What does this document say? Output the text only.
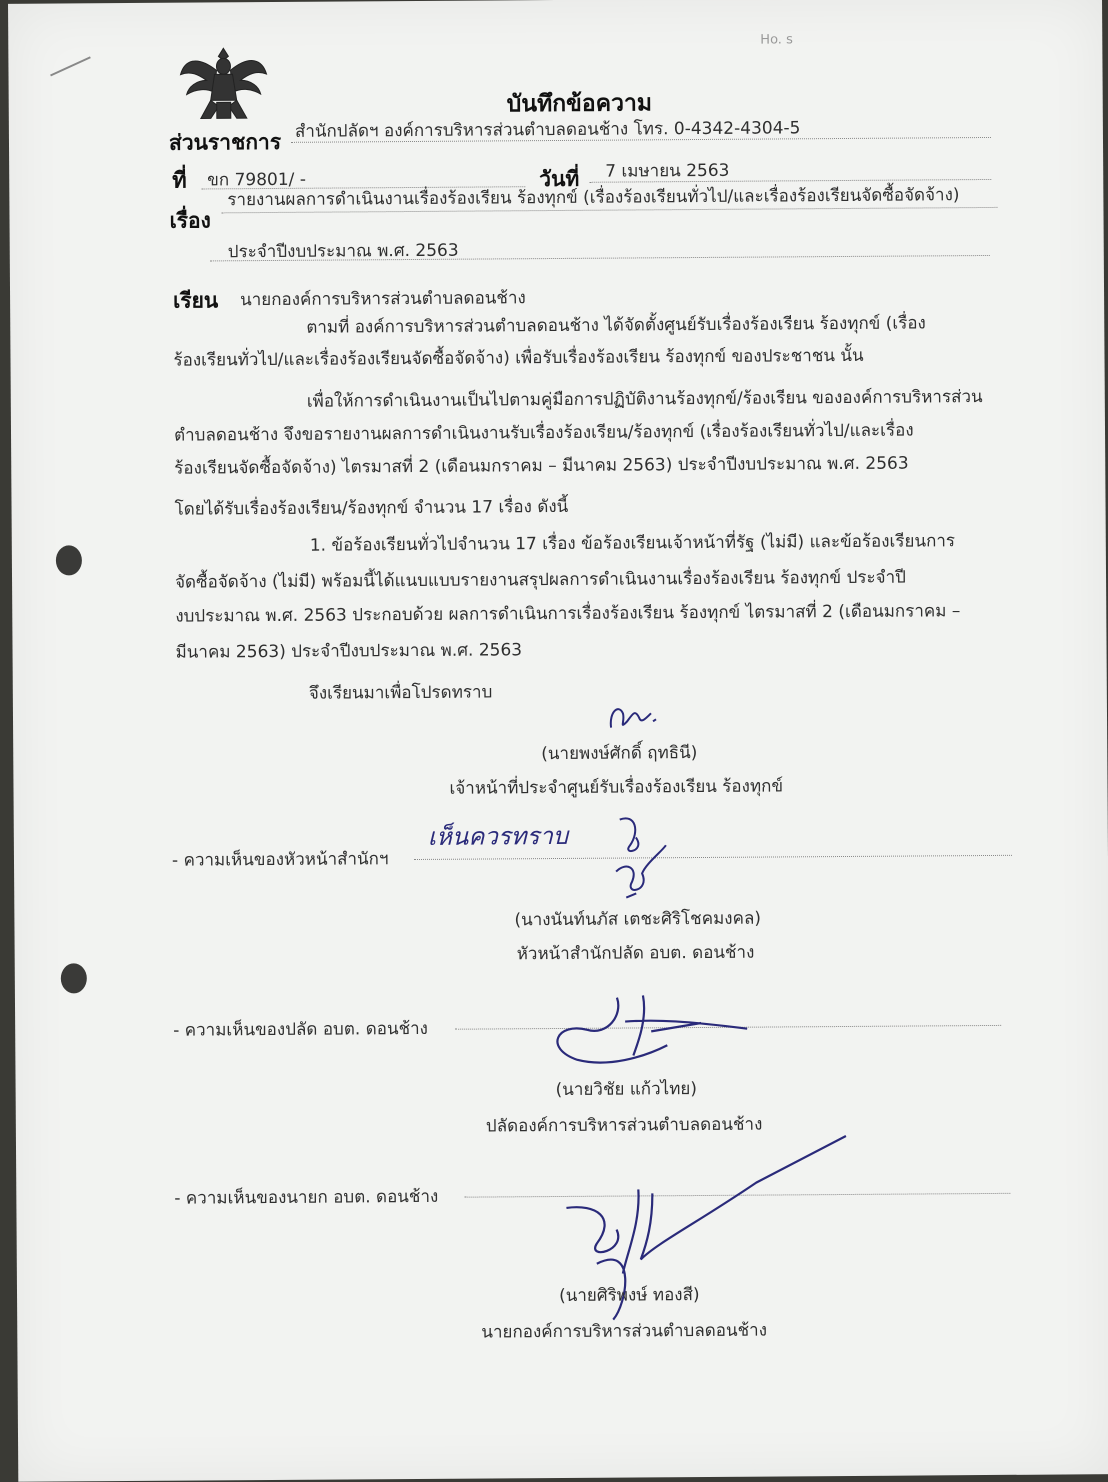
Ho. s
บันทึกข้อความ
ส่วนราชการ สำนักปลัดฯ องค์การบริหารส่วนตำบลดอนช้าง โทร. 0-4342-4304-5
ที่ ขก 79801/ -	วันที่ 7 เมษายน 2563
เรื่อง
รายงานผลการดำเนินงานเรื่องร้องเรียน ร้องทุกข์ (เรื่องร้องเรียนทั่วไป/และเรื่องร้องเรียนจัดซื้อจัดจ้าง)
ประจำปีงบประมาณ พ.ศ. 2563
เรียน นายกองค์การบริหารส่วนตำบลดอนช้าง
ตามที่ องค์การบริหารส่วนตำบลดอนช้าง ได้จัดตั้งศูนย์รับเรื่องร้องเรียน ร้องทุกข์ (เรื่อง
ร้องเรียนทั่วไป/และเรื่องร้องเรียนจัดซื้อจัดจ้าง) เพื่อรับเรื่องร้องเรียน ร้องทุกข์ ของประชาชน นั้น
เพื่อให้การดำเนินงานเป็นไปตามคู่มือการปฏิบัติงานร้องทุกข์/ร้องเรียน ขององค์การบริหารส่วน
ตำบลดอนช้าง จึงขอรายงานผลการดำเนินงานรับเรื่องร้องเรียน/ร้องทุกข์ (เรื่องร้องเรียนทั่วไป/และเรื่อง
ร้องเรียนจัดซื้อจัดจ้าง) ไตรมาสที่ 2 (เดือนมกราคม – มีนาคม 2563) ประจำปีงบประมาณ พ.ศ. 2563
โดยได้รับเรื่องร้องเรียน/ร้องทุกข์ จำนวน 17 เรื่อง ดังนี้
1. ข้อร้องเรียนทั่วไปจำนวน 17 เรื่อง ข้อร้องเรียนเจ้าหน้าที่รัฐ (ไม่มี) และข้อร้องเรียนการ
จัดซื้อจัดจ้าง (ไม่มี) พร้อมนี้ได้แนบแบบรายงานสรุปผลการดำเนินงานเรื่องร้องเรียน ร้องทุกข์ ประจำปี
งบประมาณ พ.ศ. 2563 ประกอบด้วย ผลการดำเนินการเรื่องร้องเรียน ร้องทุกข์ ไตรมาสที่ 2 (เดือนมกราคม –
มีนาคม 2563) ประจำปีงบประมาณ พ.ศ. 2563
จึงเรียนมาเพื่อโปรดทราบ
(นายพงษ์ศักดิ์ ฤทธินี)
เจ้าหน้าที่ประจำศูนย์รับเรื่องร้องเรียน ร้องทุกข์
- ความเห็นของหัวหน้าสำนักฯ
เห็นควรทราบ
(นางนันท์นภัส เตชะศิริโชคมงคล)
หัวหน้าสำนักปลัด อบต. ดอนช้าง
- ความเห็นของปลัด อบต. ดอนช้าง
(นายวิชัย แก้วไทย)
ปลัดองค์การบริหารส่วนตำบลดอนช้าง
- ความเห็นของนายก อบต. ดอนช้าง
(นายศิริพงษ์ ทองสี)
นายกองค์การบริหารส่วนตำบลดอนช้าง
